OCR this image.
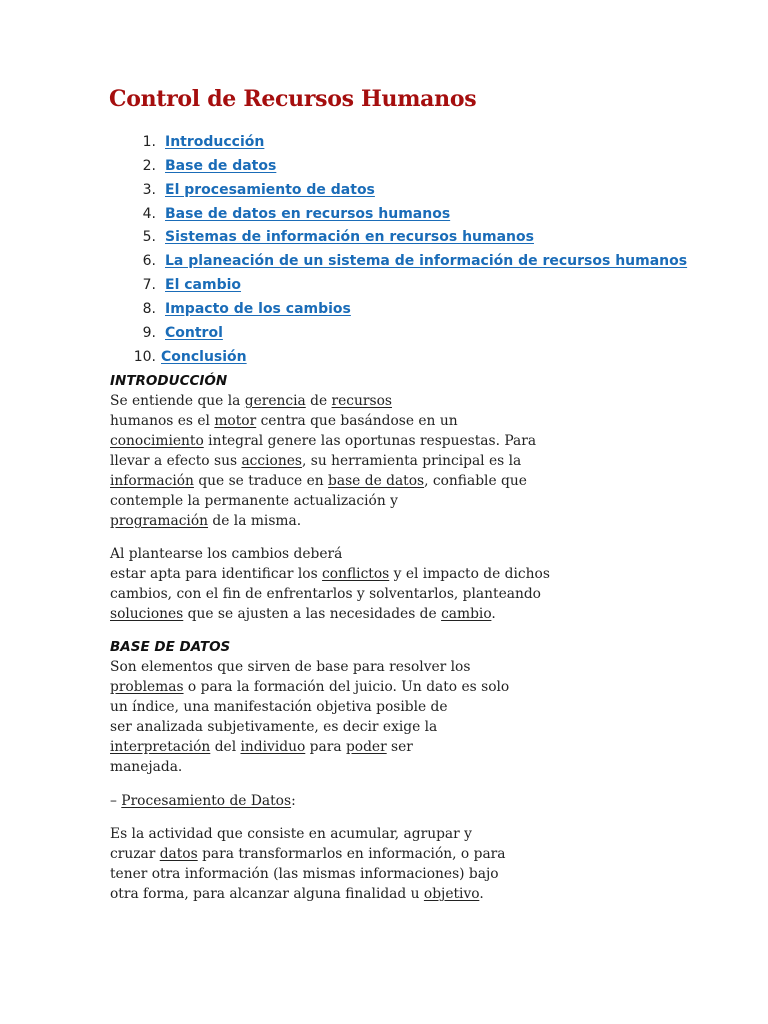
Control de Recursos Humanos
1. Introducción
2. Base de datos
3. El procesamiento de datos
4. Base de datos en recursos humanos
5. Sistemas de información en recursos humanos
6. La planeación de un sistema de información de recursos humanos
7. El cambio
8. Impacto de los cambios
9. Control
10. Conclusión
INTRODUCCIÓN

Se entiende que la gerencia de recursos
humanos es el motor centra que basándose en un
conocimiento integral genere las oportunas respuestas. Para
llevar a efecto sus acciones, su herramienta principal es la
información que se traduce en base de datos, confiable que
contemple la permanente actualización y
programación de la misma.

Al plantearse los cambios deberá
estar apta para identificar los conflictos y el impacto de dichos
cambios, con el fin de enfrentarlos y solventarlos, planteando
soluciones que se ajusten a las necesidades de cambio.

BASE DE DATOS

Son elementos que sirven de base para resolver los
problemas o para la formación del juicio. Un dato es solo
un índice, una manifestación objetiva posible de
ser analizada subjetivamente, es decir exige la
interpretación del individuo para poder ser
manejada.

– Procesamiento de Datos:

Es la actividad que consiste en acumular, agrupar y
cruzar datos para transformarlos en información, o para
tener otra información (las mismas informaciones) bajo
otra forma, para alcanzar alguna finalidad u objetivo.
